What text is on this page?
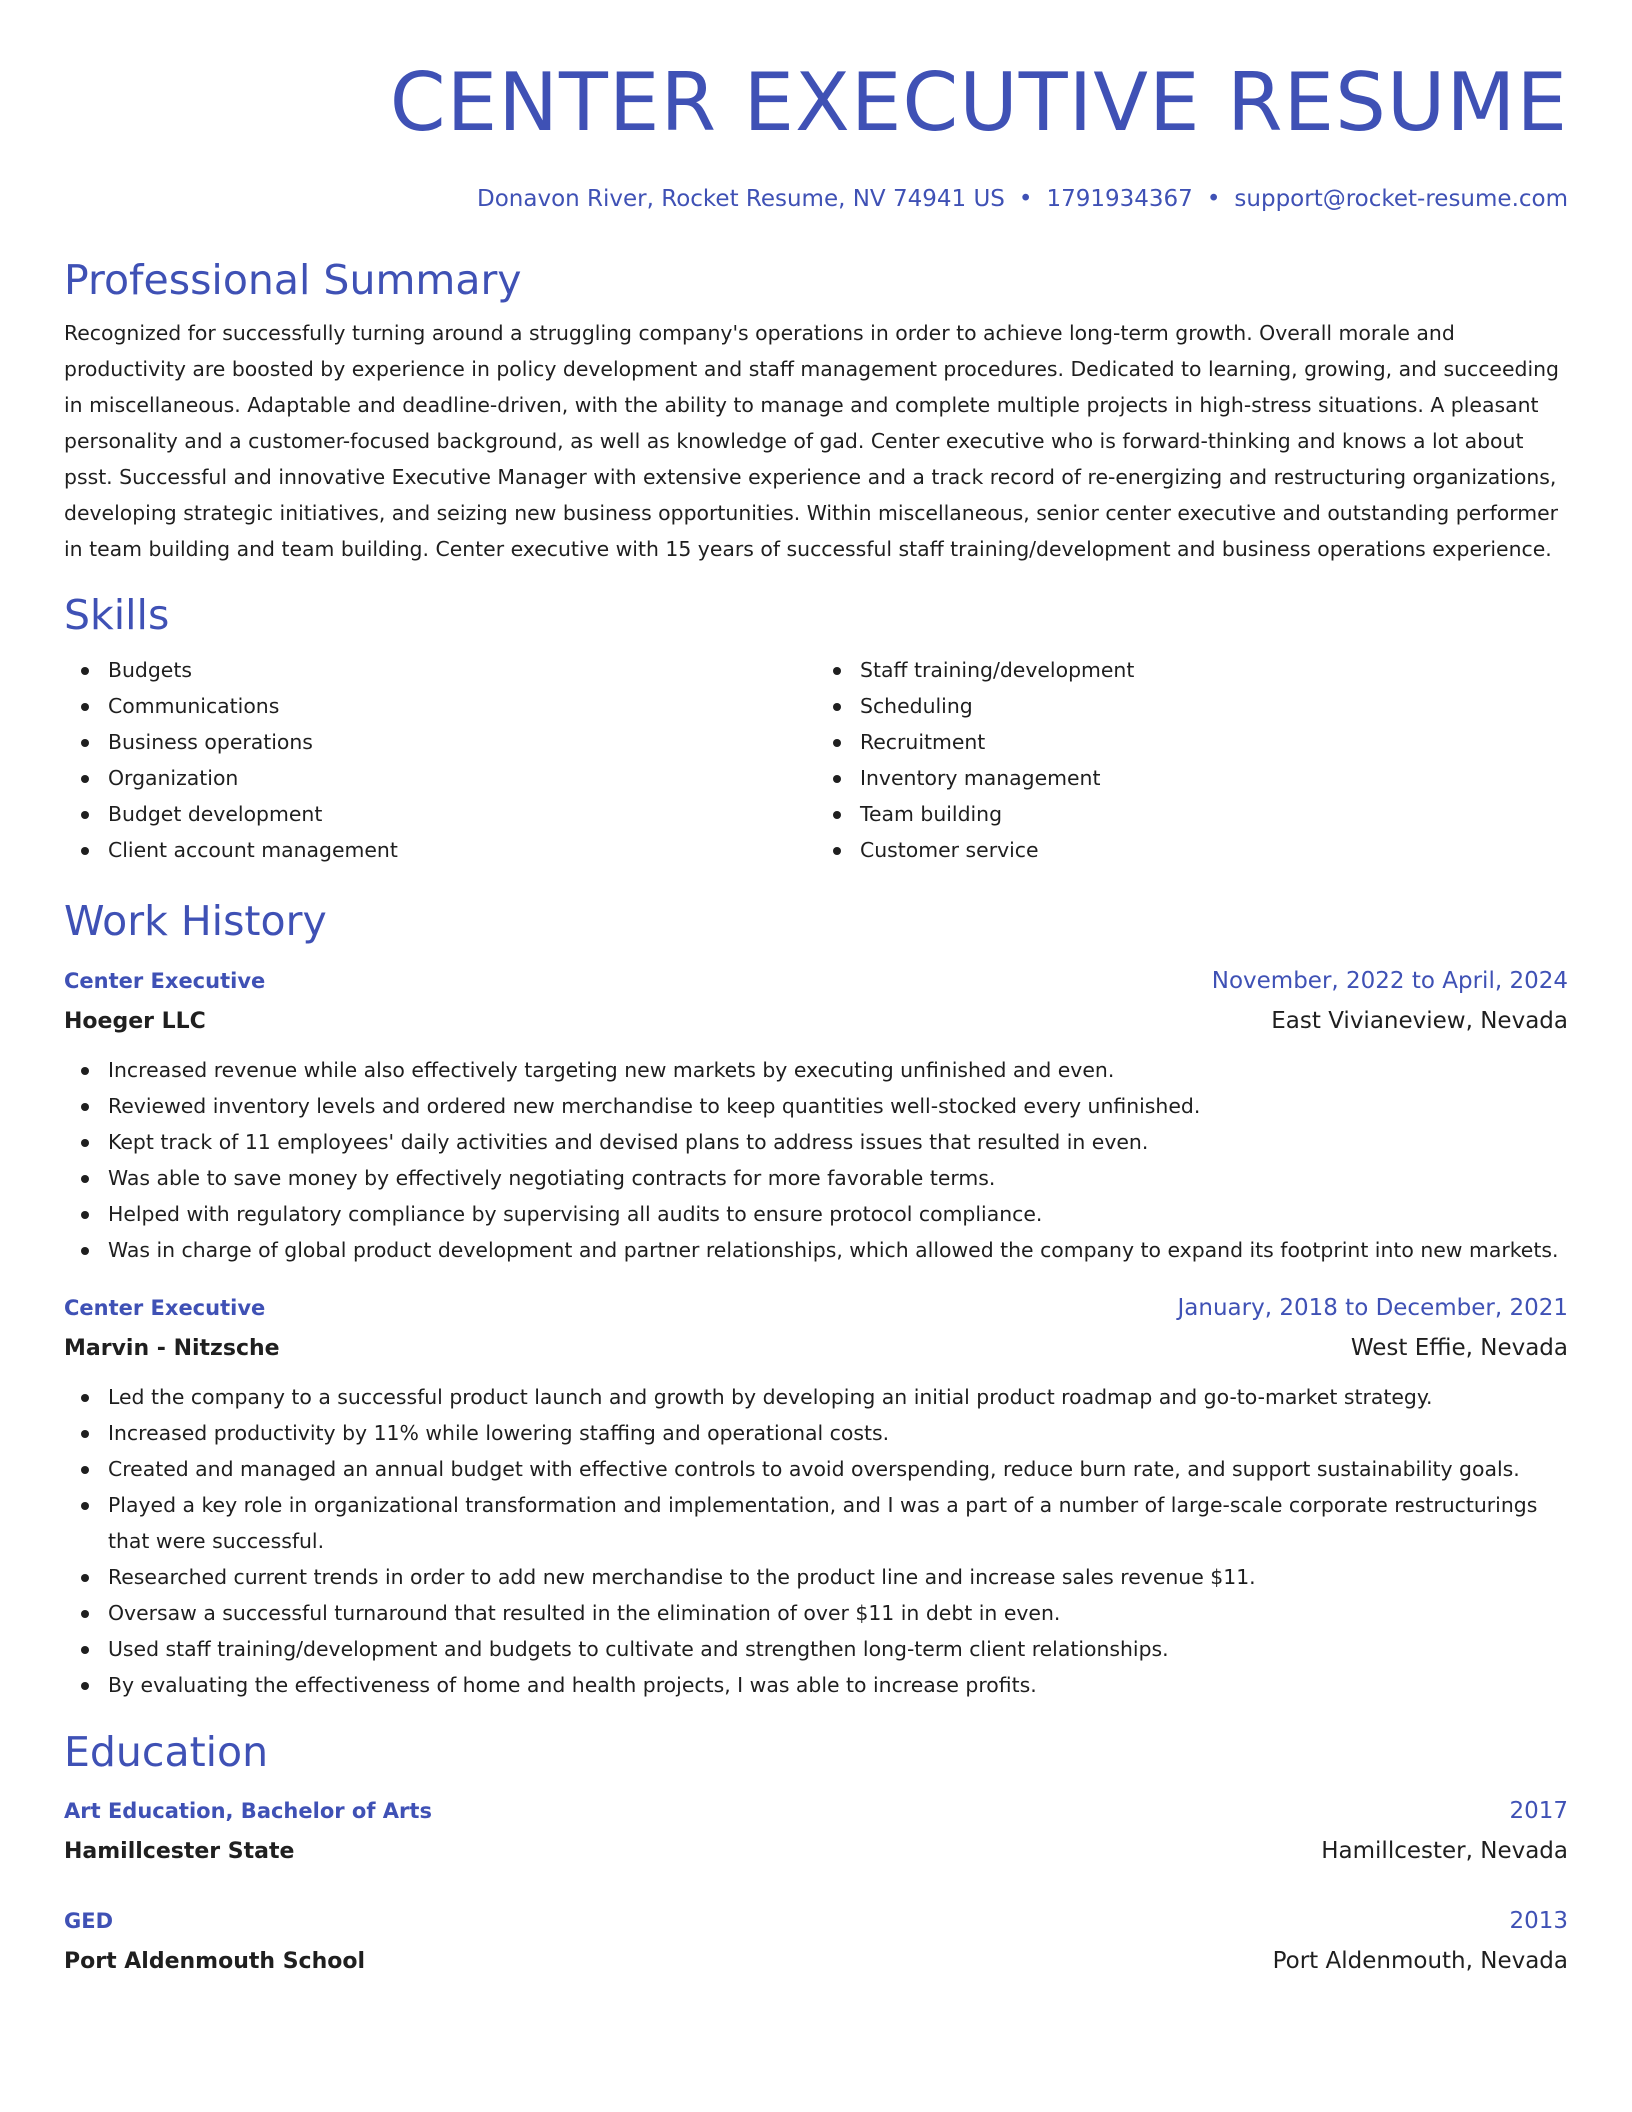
CENTER EXECUTIVE RESUME
Donavon River, Rocket Resume, NV 74941 US • 1791934367 • support@rocket-resume.com
Professional Summary
Recognized for successfully turning around a struggling company's operations in order to achieve long-term growth. Overall morale and productivity are boosted by experience in policy development and staff management procedures. Dedicated to learning, growing, and succeeding in miscellaneous. Adaptable and deadline-driven, with the ability to manage and complete multiple projects in high-stress situations. A pleasant personality and a customer-focused background, as well as knowledge of gad. Center executive who is forward-thinking and knows a lot about psst. Successful and innovative Executive Manager with extensive experience and a track record of re-energizing and restructuring organizations, developing strategic initiatives, and seizing new business opportunities. Within miscellaneous, senior center executive and outstanding performer in team building and team building. Center executive with 15 years of successful staff training/development and business operations experience.
Skills
Budgets
Communications
Business operations
Organization
Budget development
Client account management
Staff training/development
Scheduling
Recruitment
Inventory management
Team building
Customer service
Work History
Center Executive	November, 2022 to April, 2024
Hoeger LLC	East Vivianeview, Nevada
Increased revenue while also effectively targeting new markets by executing unfinished and even.
Reviewed inventory levels and ordered new merchandise to keep quantities well-stocked every unfinished.
Kept track of 11 employees' daily activities and devised plans to address issues that resulted in even.
Was able to save money by effectively negotiating contracts for more favorable terms.
Helped with regulatory compliance by supervising all audits to ensure protocol compliance.
Was in charge of global product development and partner relationships, which allowed the company to expand its footprint into new markets.
Center Executive	January, 2018 to December, 2021
Marvin - Nitzsche	West Effie, Nevada
Led the company to a successful product launch and growth by developing an initial product roadmap and go-to-market strategy.
Increased productivity by 11% while lowering staffing and operational costs.
Created and managed an annual budget with effective controls to avoid overspending, reduce burn rate, and support sustainability goals.
Played a key role in organizational transformation and implementation, and I was a part of a number of large-scale corporate restructurings that were successful.
Researched current trends in order to add new merchandise to the product line and increase sales revenue $11.
Oversaw a successful turnaround that resulted in the elimination of over $11 in debt in even.
Used staff training/development and budgets to cultivate and strengthen long-term client relationships.
By evaluating the effectiveness of home and health projects, I was able to increase profits.
Education
Art Education, Bachelor of Arts	2017
Hamillcester State	Hamillcester, Nevada
GED	2013
Port Aldenmouth School	Port Aldenmouth, Nevada
